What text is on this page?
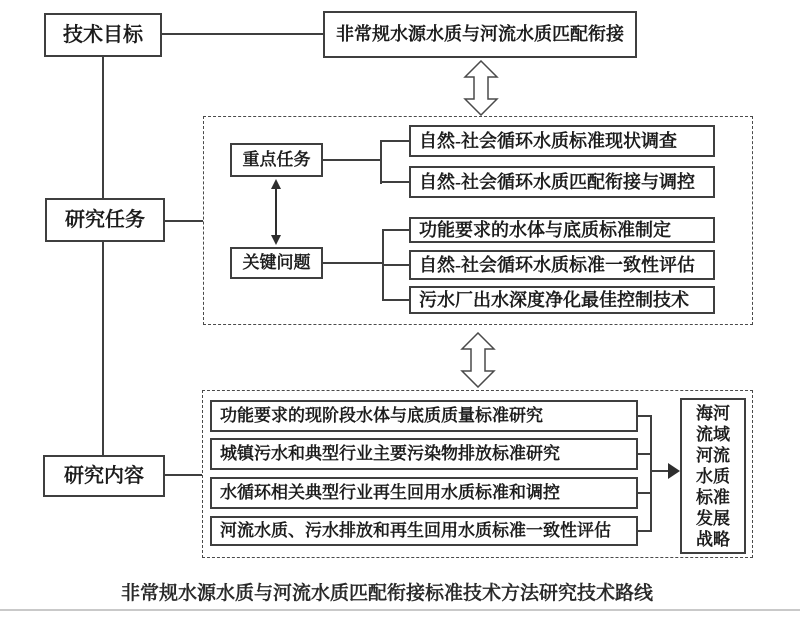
技术目标
研究任务
研究内容
非常规水源水质与河流水质匹配衔接
重点任务
自然-社会循环水质标准现状调查
自然-社会循环水质匹配衔接与调控
关键问题
功能要求的水体与底质标准制定
自然-社会循环水质标准一致性评估
污水厂出水深度净化最佳控制技术
功能要求的现阶段水体与底质质量标准研究
城镇污水和典型行业主要污染物排放标准研究
水循环相关典型行业再生回用水质标准和调控
河流水质、污水排放和再生回用水质标准一致性评估
海河流域河流水质标准发展战略
非常规水源水质与河流水质匹配衔接标准技术方法研究技术路线
